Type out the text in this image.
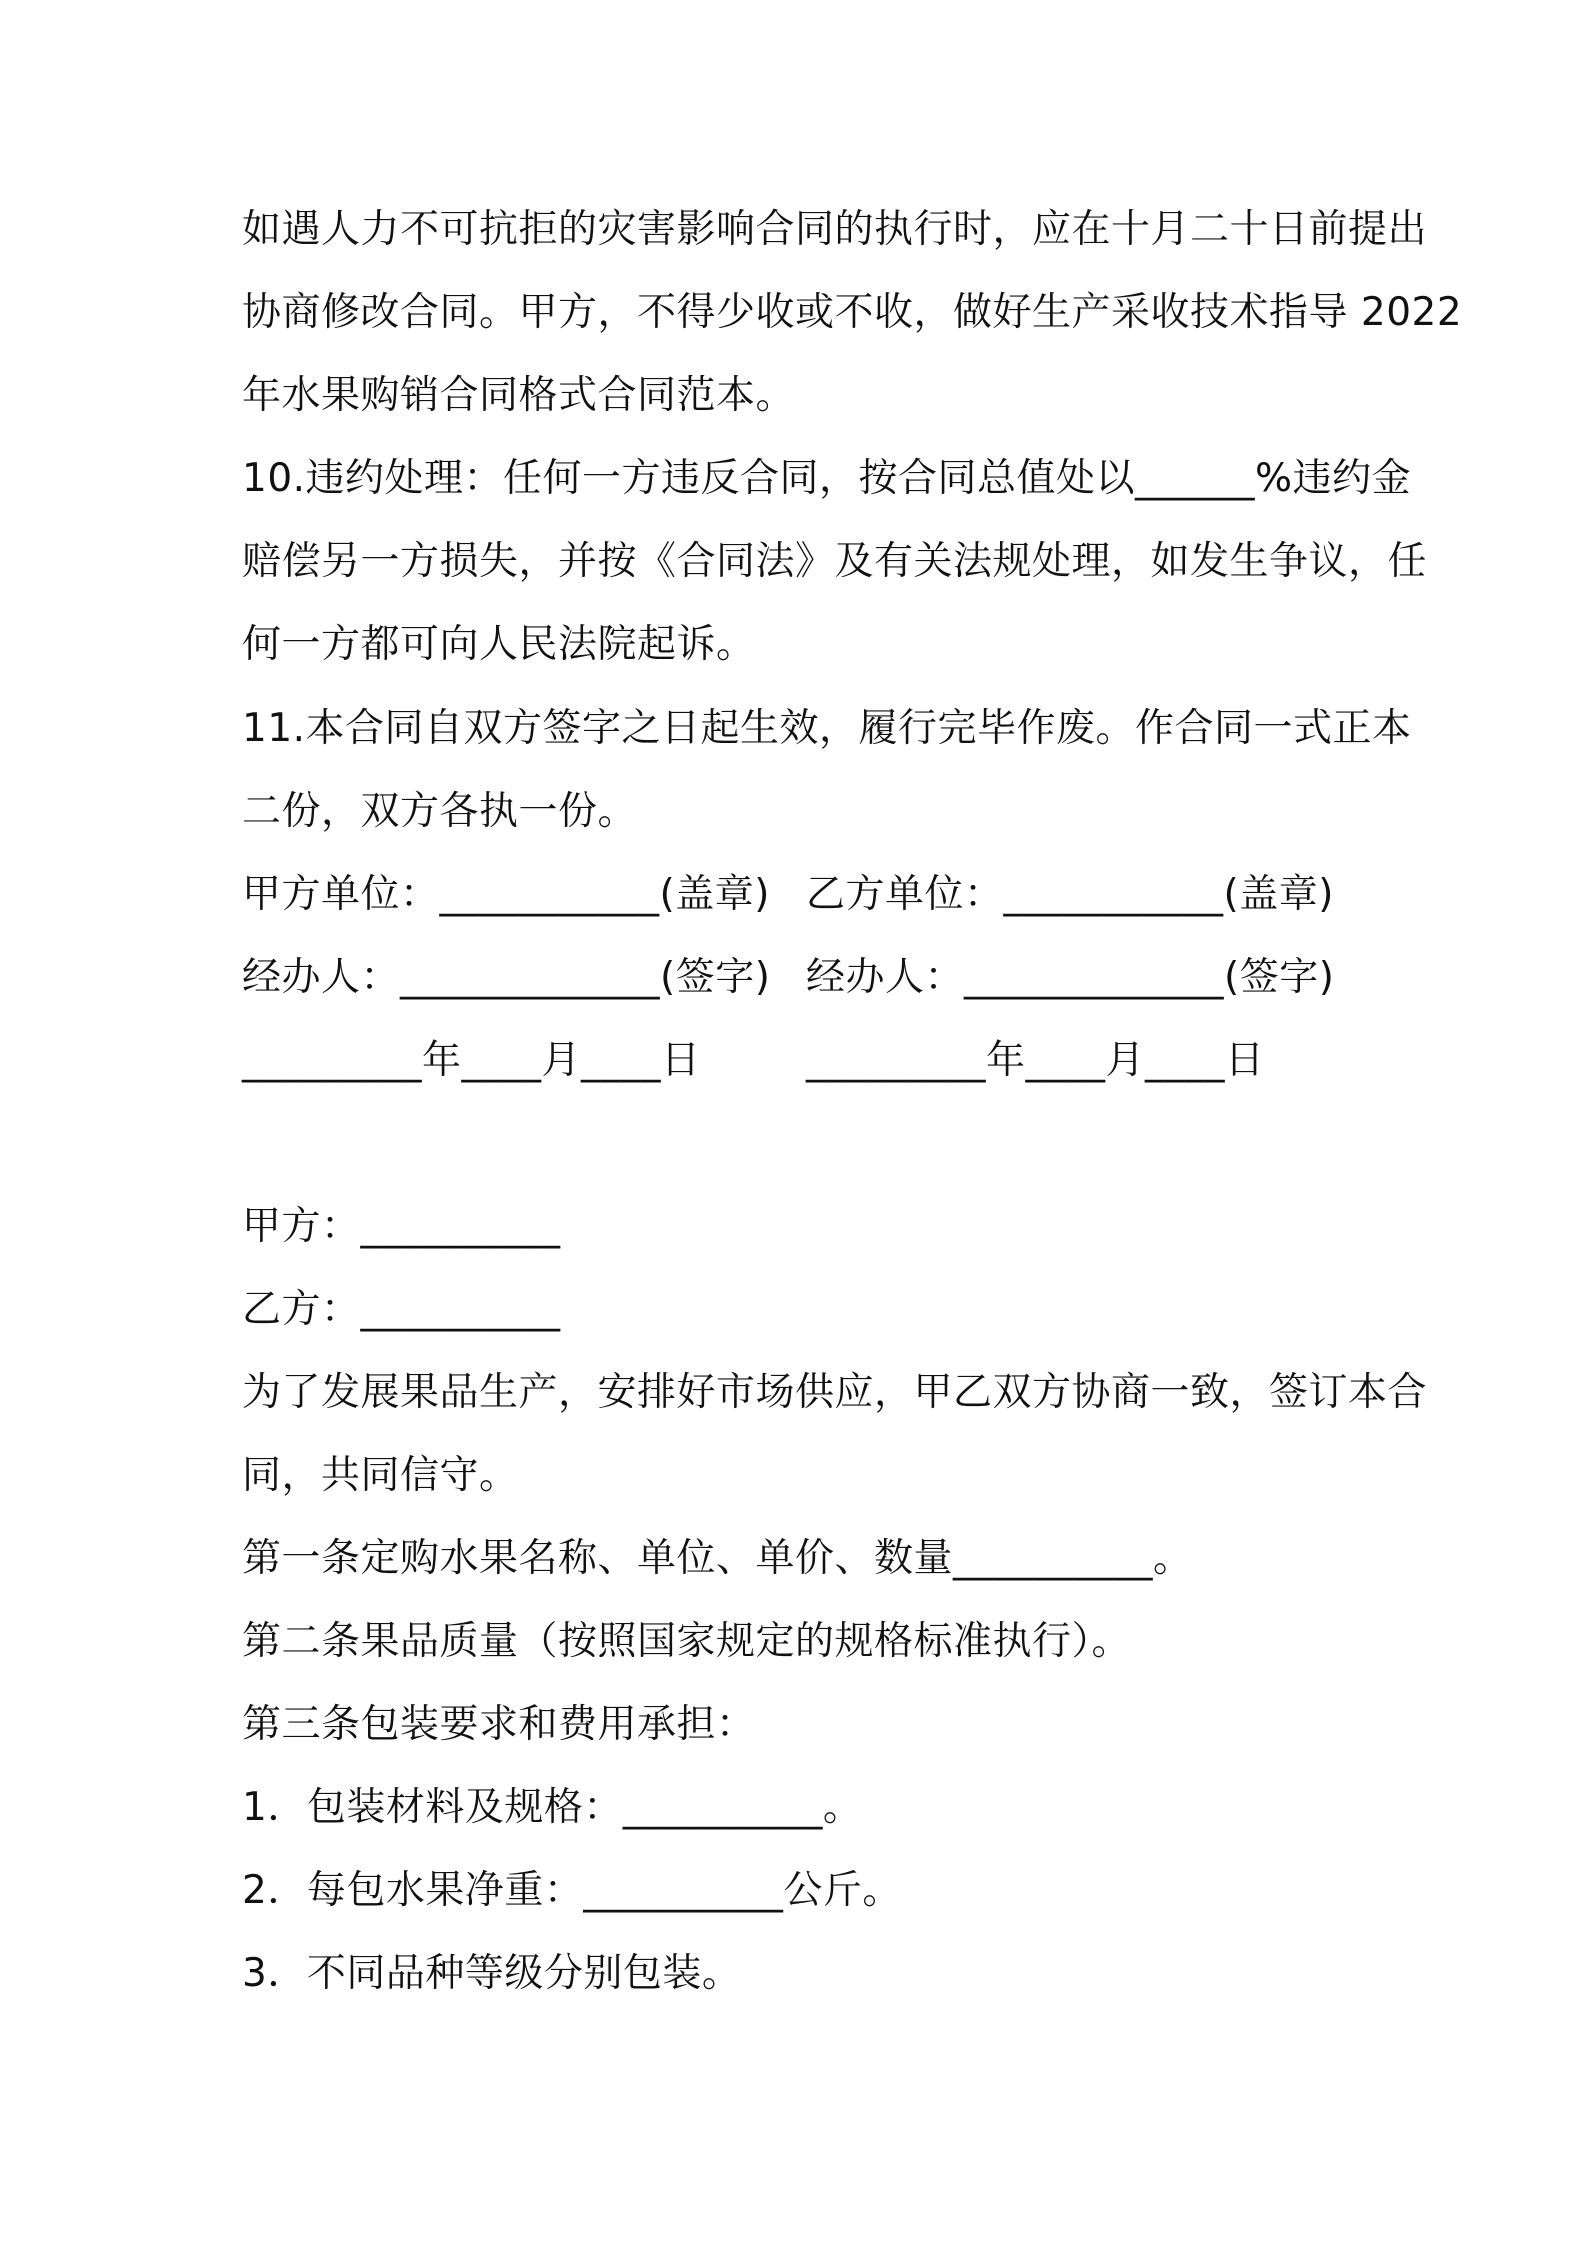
如遇人力不可抗拒的灾害影响合同的执行时，应在十月二十日前提出
协商修改合同。甲方，不得少收或不收，做好生产采收技术指导 2022
年水果购销合同格式合同范本。
10.违约处理：任何一方违反合同，按合同总值处以______%违约金
赔偿另一方损失，并按《合同法》及有关法规处理，如发生争议，任
何一方都可向人民法院起诉。
11.本合同自双方签字之日起生效，履行完毕作废。作合同一式正本
二份，双方各执一份。
甲方单位：___________(盖章) 乙方单位：___________(盖章)
经办人：_____________(签字) 经办人：_____________(签字)
_________年____月____日	_________年____月____日
甲方：__________
乙方：__________
为了发展果品生产，安排好市场供应，甲乙双方协商一致，签订本合
同，共同信守。
第一条定购水果名称、单位、单价、数量__________。
第二条果品质量（按照国家规定的规格标准执行）。
第三条包装要求和费用承担：
1．包装材料及规格：__________。
2．每包水果净重：__________公斤。
3．不同品种等级分别包装。
